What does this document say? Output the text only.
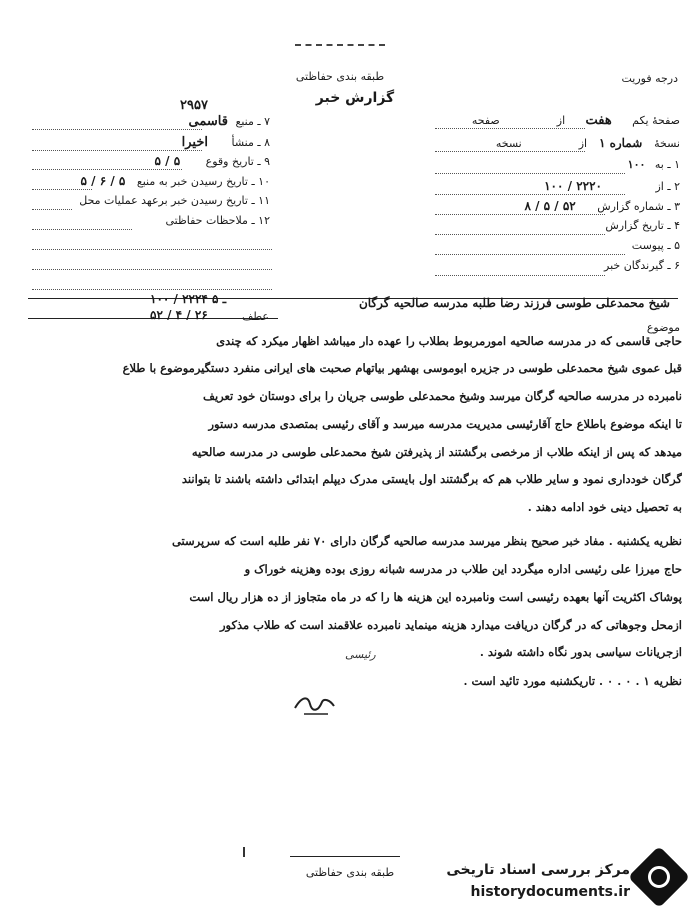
طبقه بندی حفاظتی
گزارش خبر
درجه فوریت
صفحهٔ یکم هفت از  صفحه
نسخهٔ شماره ۱ از  نسخه
۱ ـ به ۱۰۰
۲ ـ از ۲۲۲۰ / ۱۰۰
۳ ـ شماره گزارش ۵۲ / ۵ / ۸
۴ ـ تاریخ گزارش
۵ ـ پیوست
۶ ـ گیرندگان خبر
۲۹۵۷
۷ ـ منبع قاسمی
۸ ـ منشأ اخیرا
۹ ـ تاریخ وقوع ۵ / ۵
۱۰ ـ تاریخ رسیدن خبر به منبع ۵ / ۶ / ۵
۱۱ ـ تاریخ رسیدن خبر برعهد عملیات محل
۱۲ ـ ملاحظات حفاظتی
شیخ محمدعلی طوسی فرزند رضا طلبه مدرسه صالحیه گرگان
موضوع
۱۰۰ / ۲۲۲۴ ـ ۵
۵۲ / ۴ / ۲۶	عطف
حاجی قاسمی که در مدرسه صالحیه امورمربوط بطلاب را عهده دار میباشد اظهار میکرد که چندی
قبل عموی شیخ محمدعلی طوسی در جزیره ابوموسی بهشهر بیاتهام صحبت های ایرانی منفرد دستگیرموضوع با طلاع
نامبرده در مدرسه صالحیه گرگان میرسد وشیخ محمدعلی طوسی جریان را برای دوستان خود تعریف
تا اینکه موضوع باطلاع حاج آقارئیسی مدیریت مدرسه میرسد و آقای رئیسی بمتصدی مدرسه دستور
میدهد که پس از اینکه طلاب از مرخصی برگشتند از پذیرفتن شیخ محمدعلی طوسی در مدرسه صالحیه
گرگان خودداری نمود و سایر طلاب هم که برگشتند اول بایستی مدرک دیپلم ابتدائی داشته باشند تا بتوانند
به تحصیل دینی خود ادامه دهند .
نظریه یکشنبه . مفاد خبر صحیح بنظر میرسد مدرسه صالحیه گرگان دارای ۷۰ نفر طلبه است که سرپرستی
حاج میرزا علی رئیسی اداره میگردد این طلاب در مدرسه شبانه روزی بوده وهزینه خوراک و
پوشاک اکثریت آنها بعهده رئیسی است ونامبرده این هزینه ها را که در ماه متجاوز از ده هزار ریال است
ازمحل وجوهاتی که در گرگان دریافت میدارد هزینه مینماید نامبرده علاقمند است که طلاب مذکور
ازجریانات سیاسی بدور نگاه داشته شوند .
رئیسی
نظریه ۱ . ۰ . ۰ . تاریکشنبه مورد تائید است .
طبقه بندی حفاظتی	مرکز بررسی اسناد تاریخی
historydocuments.ir
